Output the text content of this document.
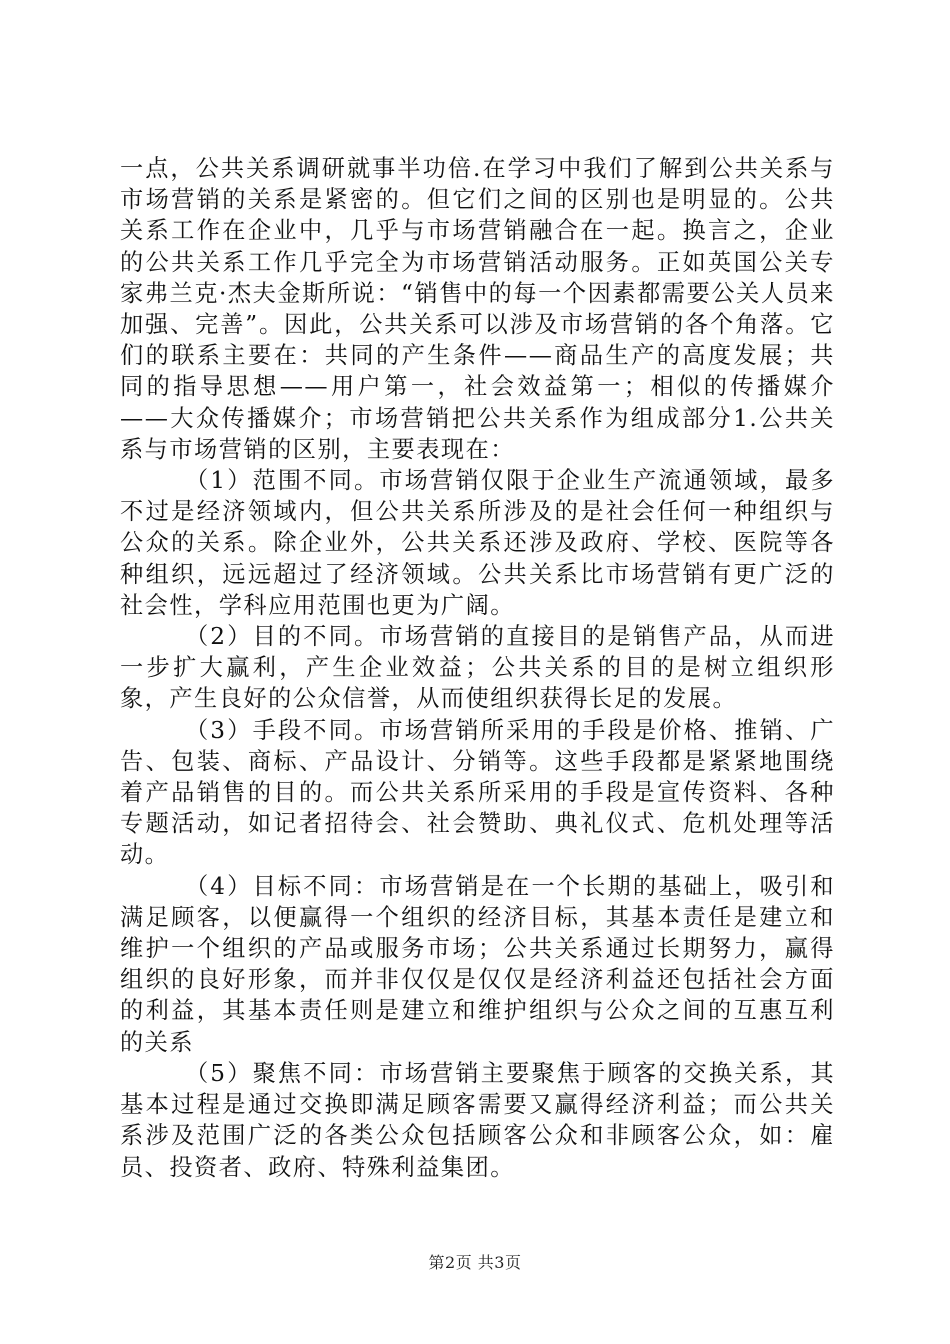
一点，公共关系调研就事半功倍.在学习中我们了解到公共关系与市场营销的关系是紧密的。但它们之间的区别也是明显的。公共关系工作在企业中，几乎与市场营销融合在一起。换言之，企业的公共关系工作几乎完全为市场营销活动服务。正如英国公关专家弗兰克·杰夫金斯所说：“销售中的每一个因素都需要公关人员来加强、完善”。因此，公共关系可以涉及市场营销的各个角落。它们的联系主要在：共同的产生条件——商品生产的高度发展；共同的指导思想——用户第一，社会效益第一；相似的传播媒介——大众传播媒介；市场营销把公共关系作为组成部分1.公共关系与市场营销的区别，主要表现在：

（1）范围不同。市场营销仅限于企业生产流通领域，最多不过是经济领域内，但公共关系所涉及的是社会任何一种组织与公众的关系。除企业外，公共关系还涉及政府、学校、医院等各种组织，远远超过了经济领域。公共关系比市场营销有更广泛的社会性，学科应用范围也更为广阔。

（2）目的不同。市场营销的直接目的是销售产品，从而进一步扩大赢利，产生企业效益；公共关系的目的是树立组织形象，产生良好的公众信誉，从而使组织获得长足的发展。

（3）手段不同。市场营销所采用的手段是价格、推销、广告、包装、商标、产品设计、分销等。这些手段都是紧紧地围绕着产品销售的目的。而公共关系所采用的手段是宣传资料、各种专题活动，如记者招待会、社会赞助、典礼仪式、危机处理等活动。

（4）目标不同：市场营销是在一个长期的基础上，吸引和满足顾客，以便赢得一个组织的经济目标，其基本责任是建立和维护一个组织的产品或服务市场；公共关系通过长期努力，赢得组织的良好形象，而并非仅仅是仅仅是经济利益还包括社会方面的利益，其基本责任则是建立和维护组织与公众之间的互惠互利的关系

（5）聚焦不同：市场营销主要聚焦于顾客的交换关系，其基本过程是通过交换即满足顾客需要又赢得经济利益；而公共关系涉及范围广泛的各类公众包括顾客公众和非顾客公众，如：雇员、投资者、政府、特殊利益集团。

第2页 共3页
